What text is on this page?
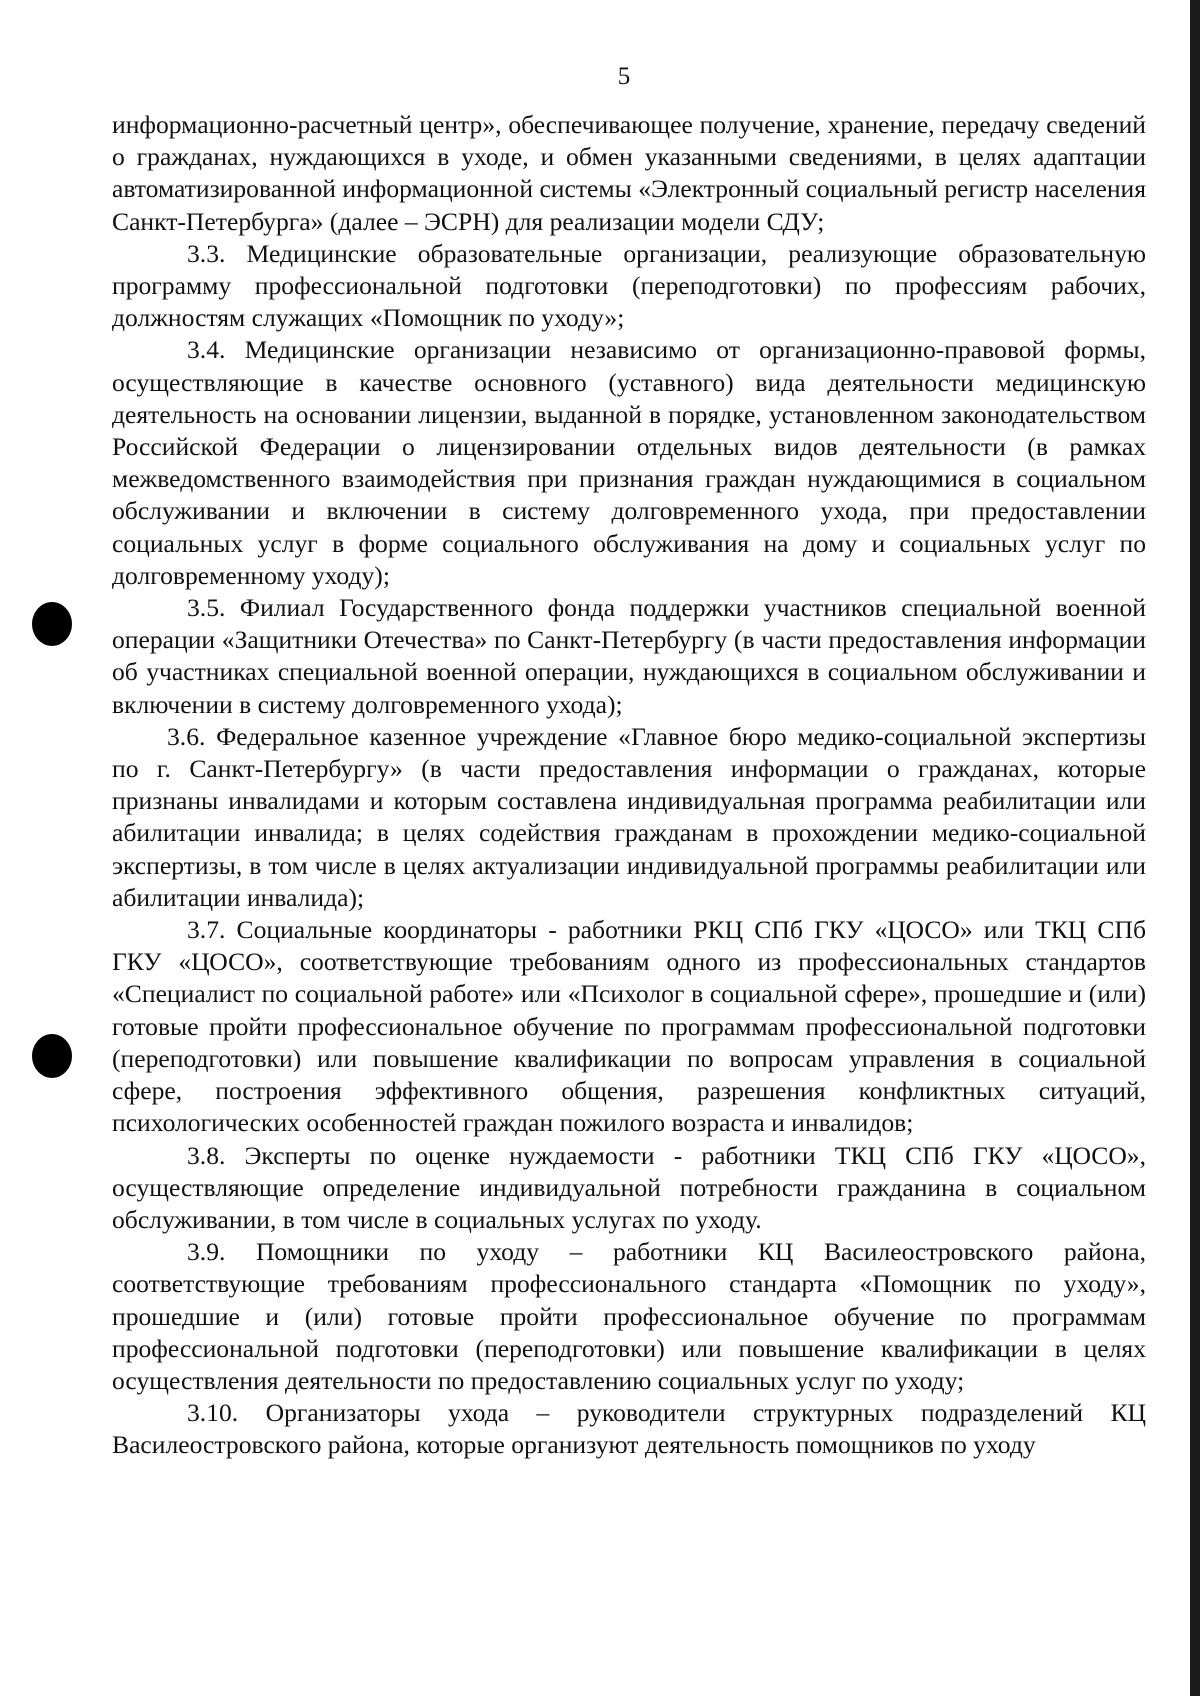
5

информационно-расчетный центр», обеспечивающее получение, хранение, передачу сведений о гражданах, нуждающихся в уходе, и обмен указанными сведениями, в целях адаптации автоматизированной информационной системы «Электронный социальный регистр населения Санкт-Петербурга» (далее – ЭСРН) для реализации модели СДУ;

3.3. Медицинские образовательные организации, реализующие образовательную программу профессиональной подготовки (переподготовки) по профессиям рабочих, должностям служащих «Помощник по уходу»;

3.4. Медицинские организации независимо от организационно-правовой формы, осуществляющие в качестве основного (уставного) вида деятельности медицинскую деятельность на основании лицензии, выданной в порядке, установленном законодательством Российской Федерации о лицензировании отдельных видов деятельности (в рамках межведомственного взаимодействия при признания граждан нуждающимися в социальном обслуживании и включении в систему долговременного ухода, при предоставлении социальных услуг в форме социального обслуживания на дому и социальных услуг по долговременному уходу);

3.5. Филиал Государственного фонда поддержки участников специальной военной операции «Защитники Отечества» по Санкт-Петербургу (в части предоставления информации об участниках специальной военной операции, нуждающихся в социальном обслуживании и включении в систему долговременного ухода);

3.6. Федеральное казенное учреждение «Главное бюро медико-социальной экспертизы по г. Санкт-Петербургу» (в части предоставления информации о гражданах, которые признаны инвалидами и которым составлена индивидуальная программа реабилитации или абилитации инвалида; в целях содействия гражданам в прохождении медико-социальной экспертизы, в том числе в целях актуализации индивидуальной программы реабилитации или абилитации инвалида);

3.7. Социальные координаторы - работники РКЦ СПб ГКУ «ЦОСО» или ТКЦ СПб ГКУ «ЦОСО», соответствующие требованиям одного из профессиональных стандартов «Специалист по социальной работе» или «Психолог в социальной сфере», прошедшие и (или) готовые пройти профессиональное обучение по программам профессиональной подготовки (переподготовки) или повышение квалификации по вопросам управления в социальной сфере, построения эффективного общения, разрешения конфликтных ситуаций, психологических особенностей граждан пожилого возраста и инвалидов;

3.8. Эксперты по оценке нуждаемости - работники ТКЦ СПб ГКУ «ЦОСО», осуществляющие определение индивидуальной потребности гражданина в социальном обслуживании, в том числе в социальных услугах по уходу.

3.9. Помощники по уходу – работники КЦ Василеостровского района, соответствующие требованиям профессионального стандарта «Помощник по уходу», прошедшие и (или) готовые пройти профессиональное обучение по программам профессиональной подготовки (переподготовки) или повышение квалификации в целях осуществления деятельности по предоставлению социальных услуг по уходу;

3.10. Организаторы ухода – руководители структурных подразделений КЦ Василеостровского района, которые организуют деятельность помощников по уходу
